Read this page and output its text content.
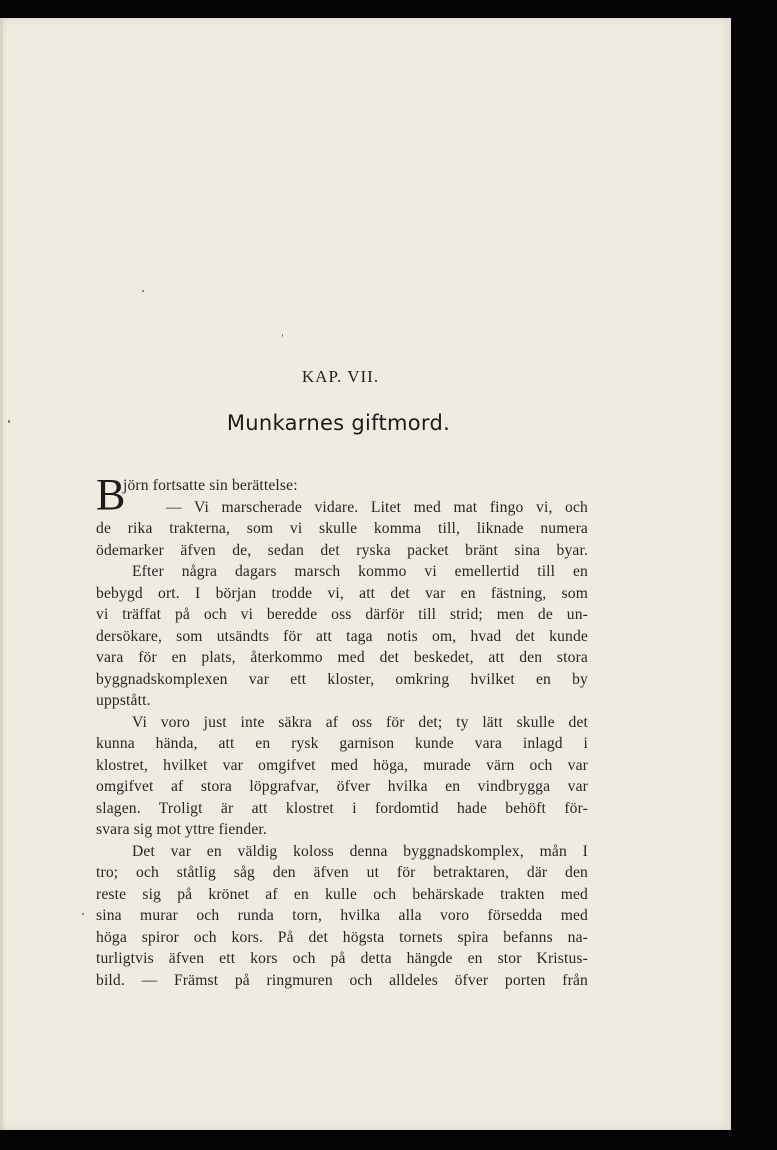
KAP. VII.
Munkarnes giftmord.
B
jörn fortsatte sin berättelse:
— Vi marscherade vidare. Litet med mat fingo vi, och
de rika trakterna, som vi skulle komma till, liknade numera
ödemarker äfven de, sedan det ryska packet bränt sina byar.
Efter några dagars marsch kommo vi emellertid till en
bebygd ort. I början trodde vi, att det var en fästning, som
vi träffat på och vi beredde oss därför till strid; men de un-
dersökare, som utsändts för att taga notis om, hvad det kunde
vara för en plats, återkommo med det beskedet, att den stora
byggnadskomplexen var ett kloster, omkring hvilket en by
uppstått.
Vi voro just inte säkra af oss för det; ty lätt skulle det
kunna hända, att en rysk garnison kunde vara inlagd i
klostret, hvilket var omgifvet med höga, murade värn och var
omgifvet af stora löpgrafvar, öfver hvilka en vindbrygga var
slagen. Troligt är att klostret i fordomtid hade behöft för-
svara sig mot yttre fiender.
Det var en väldig koloss denna byggnadskomplex, mån I
tro; och ståtlig såg den äfven ut för betraktaren, där den
reste sig på krönet af en kulle och behärskade trakten med
sina murar och runda torn, hvilka alla voro försedda med
höga spiror och kors. På det högsta tornets spira befanns na-
turligtvis äfven ett kors och på detta hängde en stor Kristus-
bild. — Främst på ringmuren och alldeles öfver porten från
